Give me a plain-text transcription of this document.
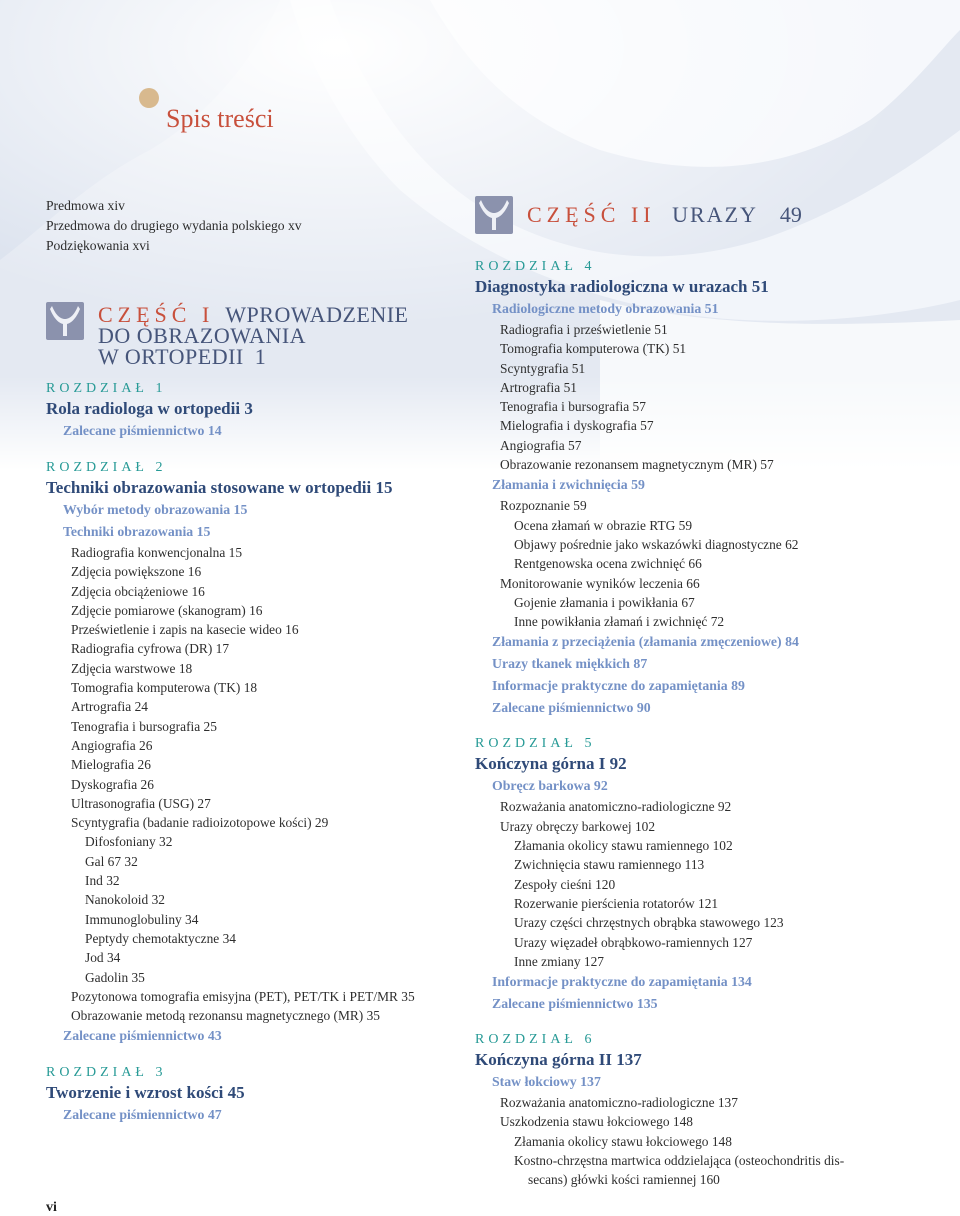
Spis treści
Predmowa xiv
Przedmowa do drugiego wydania polskiego xv
Podziękowania xvi
CZĘŚĆ I WPROWADZENIE
DO OBRAZOWANIA
W ORTOPEDII 1
ROZDZIAŁ 1
Rola radiologa w ortopedii 3
Zalecane piśmiennictwo 14
ROZDZIAŁ 2
Techniki obrazowania stosowane w ortopedii 15
Wybór metody obrazowania 15
Techniki obrazowania 15
Radiografia konwencjonalna 15
Zdjęcia powiększone 16
Zdjęcia obciążeniowe 16
Zdjęcie pomiarowe (skanogram) 16
Prześwietlenie i zapis na kasecie wideo 16
Radiografia cyfrowa (DR) 17
Zdjęcia warstwowe 18
Tomografia komputerowa (TK) 18
Artrografia 24
Tenografia i bursografia 25
Angiografia 26
Mielografia 26
Dyskografia 26
Ultrasonografia (USG) 27
Scyntygrafia (badanie radioizotopowe kości) 29
Difosfoniany 32
Gal 67 32
Ind 32
Nanokoloid 32
Immunoglobuliny 34
Peptydy chemotaktyczne 34
Jod 34
Gadolin 35
Pozytonowa tomografia emisyjna (PET), PET/TK i PET/MR 35
Obrazowanie metodą rezonansu magnetycznego (MR) 35
Zalecane piśmiennictwo 43
ROZDZIAŁ 3
Tworzenie i wzrost kości 45
Zalecane piśmiennictwo 47
CZĘŚĆ II URAZY 49
ROZDZIAŁ 4
Diagnostyka radiologiczna w urazach 51
Radiologiczne metody obrazowania 51
Radiografia i prześwietlenie 51
Tomografia komputerowa (TK) 51
Scyntygrafia 51
Artrografia 51
Tenografia i bursografia 57
Mielografia i dyskografia 57
Angiografia 57
Obrazowanie rezonansem magnetycznym (MR) 57
Złamania i zwichnięcia 59
Rozpoznanie 59
Ocena złamań w obrazie RTG 59
Objawy pośrednie jako wskazówki diagnostyczne 62
Rentgenowska ocena zwichnięć 66
Monitorowanie wyników leczenia 66
Gojenie złamania i powikłania 67
Inne powikłania złamań i zwichnięć 72
Złamania z przeciążenia (złamania zmęczeniowe) 84
Urazy tkanek miękkich 87
Informacje praktyczne do zapamiętania 89
Zalecane piśmiennictwo 90
ROZDZIAŁ 5
Kończyna górna I 92
Obręcz barkowa 92
Rozważania anatomiczno-radiologiczne 92
Urazy obręczy barkowej 102
Złamania okolicy stawu ramiennego 102
Zwichnięcia stawu ramiennego 113
Zespoły cieśni 120
Rozerwanie pierścienia rotatorów 121
Urazy części chrzęstnych obrąbka stawowego 123
Urazy więzadeł obrąbkowo-ramiennych 127
Inne zmiany 127
Informacje praktyczne do zapamiętania 134
Zalecane piśmiennictwo 135
ROZDZIAŁ 6
Kończyna górna II 137
Staw łokciowy 137
Rozważania anatomiczno-radiologiczne 137
Uszkodzenia stawu łokciowego 148
Złamania okolicy stawu łokciowego 148
Kostno-chrzęstna martwica oddzielająca (osteochondritis dis-
secans) główki kości ramiennej 160
vi
